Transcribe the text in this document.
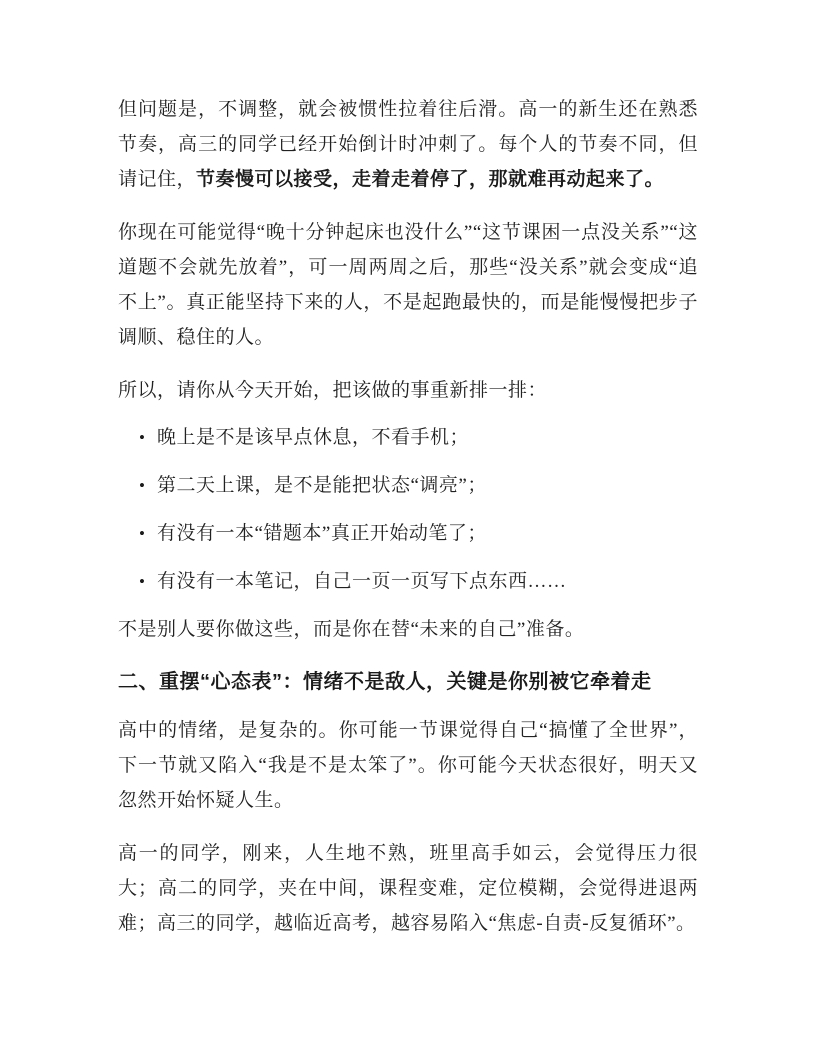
但问题是，不调整，就会被惯性拉着往后滑。高一的新生还在熟悉节奏，高三的同学已经开始倒计时冲刺了。每个人的节奏不同，但请记住，节奏慢可以接受，走着走着停了，那就难再动起来了。

你现在可能觉得“晚十分钟起床也没什么”“这节课困一点没关系”“这道题不会就先放着”，可一周两周之后，那些“没关系”就会变成“追不上”。真正能坚持下来的人，不是起跑最快的，而是能慢慢把步子调顺、稳住的人。

所以，请你从今天开始，把该做的事重新排一排：

• 晚上是不是该早点休息，不看手机；
• 第二天上课，是不是能把状态“调亮”；
• 有没有一本“错题本”真正开始动笔了；
• 有没有一本笔记，自己一页一页写下点东西……

不是别人要你做这些，而是你在替“未来的自己”准备。

二、重摆“心态表”：情绪不是敌人，关键是你别被它牵着走

高中的情绪，是复杂的。你可能一节课觉得自己“搞懂了全世界”，下一节就又陷入“我是不是太笨了”。你可能今天状态很好，明天又忽然开始怀疑人生。

高一的同学，刚来，人生地不熟，班里高手如云，会觉得压力很大；高二的同学，夹在中间，课程变难，定位模糊，会觉得进退两难；高三的同学，越临近高考，越容易陷入“焦虑-自责-反复循环”。
